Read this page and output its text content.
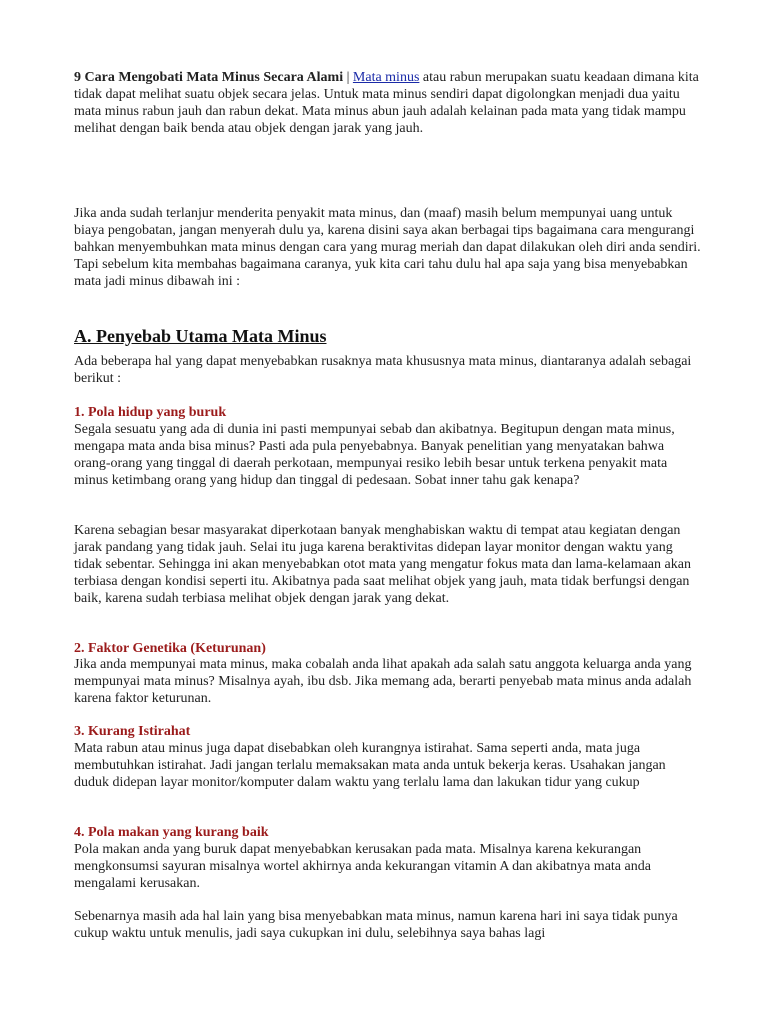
9 Cara Mengobati Mata Minus Secara Alami | Mata minus atau rabun merupakan suatu keadaan dimana kita tidak dapat melihat suatu objek secara jelas. Untuk mata minus sendiri dapat digolongkan menjadi dua yaitu mata minus rabun jauh dan rabun dekat. Mata minus abun jauh adalah kelainan pada mata yang tidak mampu melihat dengan baik benda atau objek dengan jarak yang jauh.
Jika anda sudah terlanjur menderita penyakit mata minus, dan (maaf) masih belum mempunyai uang untuk biaya pengobatan, jangan menyerah dulu ya, karena disini saya akan berbagai tips bagaimana cara mengurangi bahkan menyembuhkan mata minus dengan cara yang murag meriah dan dapat dilakukan oleh diri anda sendiri. Tapi sebelum kita membahas bagaimana caranya, yuk kita cari tahu dulu hal apa saja yang bisa menyebabkan mata jadi minus dibawah ini :
A. Penyebab Utama Mata Minus
Ada beberapa hal yang dapat menyebabkan rusaknya mata khususnya mata minus, diantaranya adalah sebagai berikut :
1. Pola hidup yang buruk
Segala sesuatu yang ada di dunia ini pasti mempunyai sebab dan akibatnya. Begitupun dengan mata minus, mengapa mata anda bisa minus? Pasti ada pula penyebabnya. Banyak penelitian yang menyatakan bahwa orang-orang yang tinggal di daerah perkotaan, mempunyai resiko lebih besar untuk terkena penyakit mata minus ketimbang orang yang hidup dan tinggal di pedesaan. Sobat inner tahu gak kenapa?
Karena sebagian besar masyarakat diperkotaan banyak menghabiskan waktu di tempat atau kegiatan dengan jarak pandang yang tidak jauh. Selai itu juga karena beraktivitas didepan layar monitor dengan waktu yang tidak sebentar. Sehingga ini akan menyebabkan otot mata yang mengatur fokus mata dan lama-kelamaan akan terbiasa dengan kondisi seperti itu. Akibatnya pada saat melihat objek yang jauh, mata tidak berfungsi dengan baik, karena sudah terbiasa melihat objek dengan jarak yang dekat.
2. Faktor Genetika (Keturunan)
Jika anda mempunyai mata minus, maka cobalah anda lihat apakah ada salah satu anggota keluarga anda yang mempunyai mata minus? Misalnya ayah, ibu dsb. Jika memang ada, berarti penyebab mata minus anda adalah karena faktor keturunan.
3. Kurang Istirahat
Mata rabun atau minus juga dapat disebabkan oleh kurangnya istirahat. Sama seperti anda, mata juga membutuhkan istirahat. Jadi jangan terlalu memaksakan mata anda untuk bekerja keras. Usahakan jangan duduk didepan layar monitor/komputer dalam waktu yang terlalu lama dan lakukan tidur yang cukup
4. Pola makan yang kurang baik
Pola makan anda yang buruk dapat menyebabkan kerusakan pada mata. Misalnya karena kekurangan mengkonsumsi sayuran misalnya wortel akhirnya anda kekurangan vitamin A dan akibatnya mata anda mengalami kerusakan.
Sebenarnya masih ada hal lain yang bisa menyebabkan mata minus, namun karena hari ini saya tidak punya cukup waktu untuk menulis, jadi saya cukupkan ini dulu, selebihnya saya bahas lagi
